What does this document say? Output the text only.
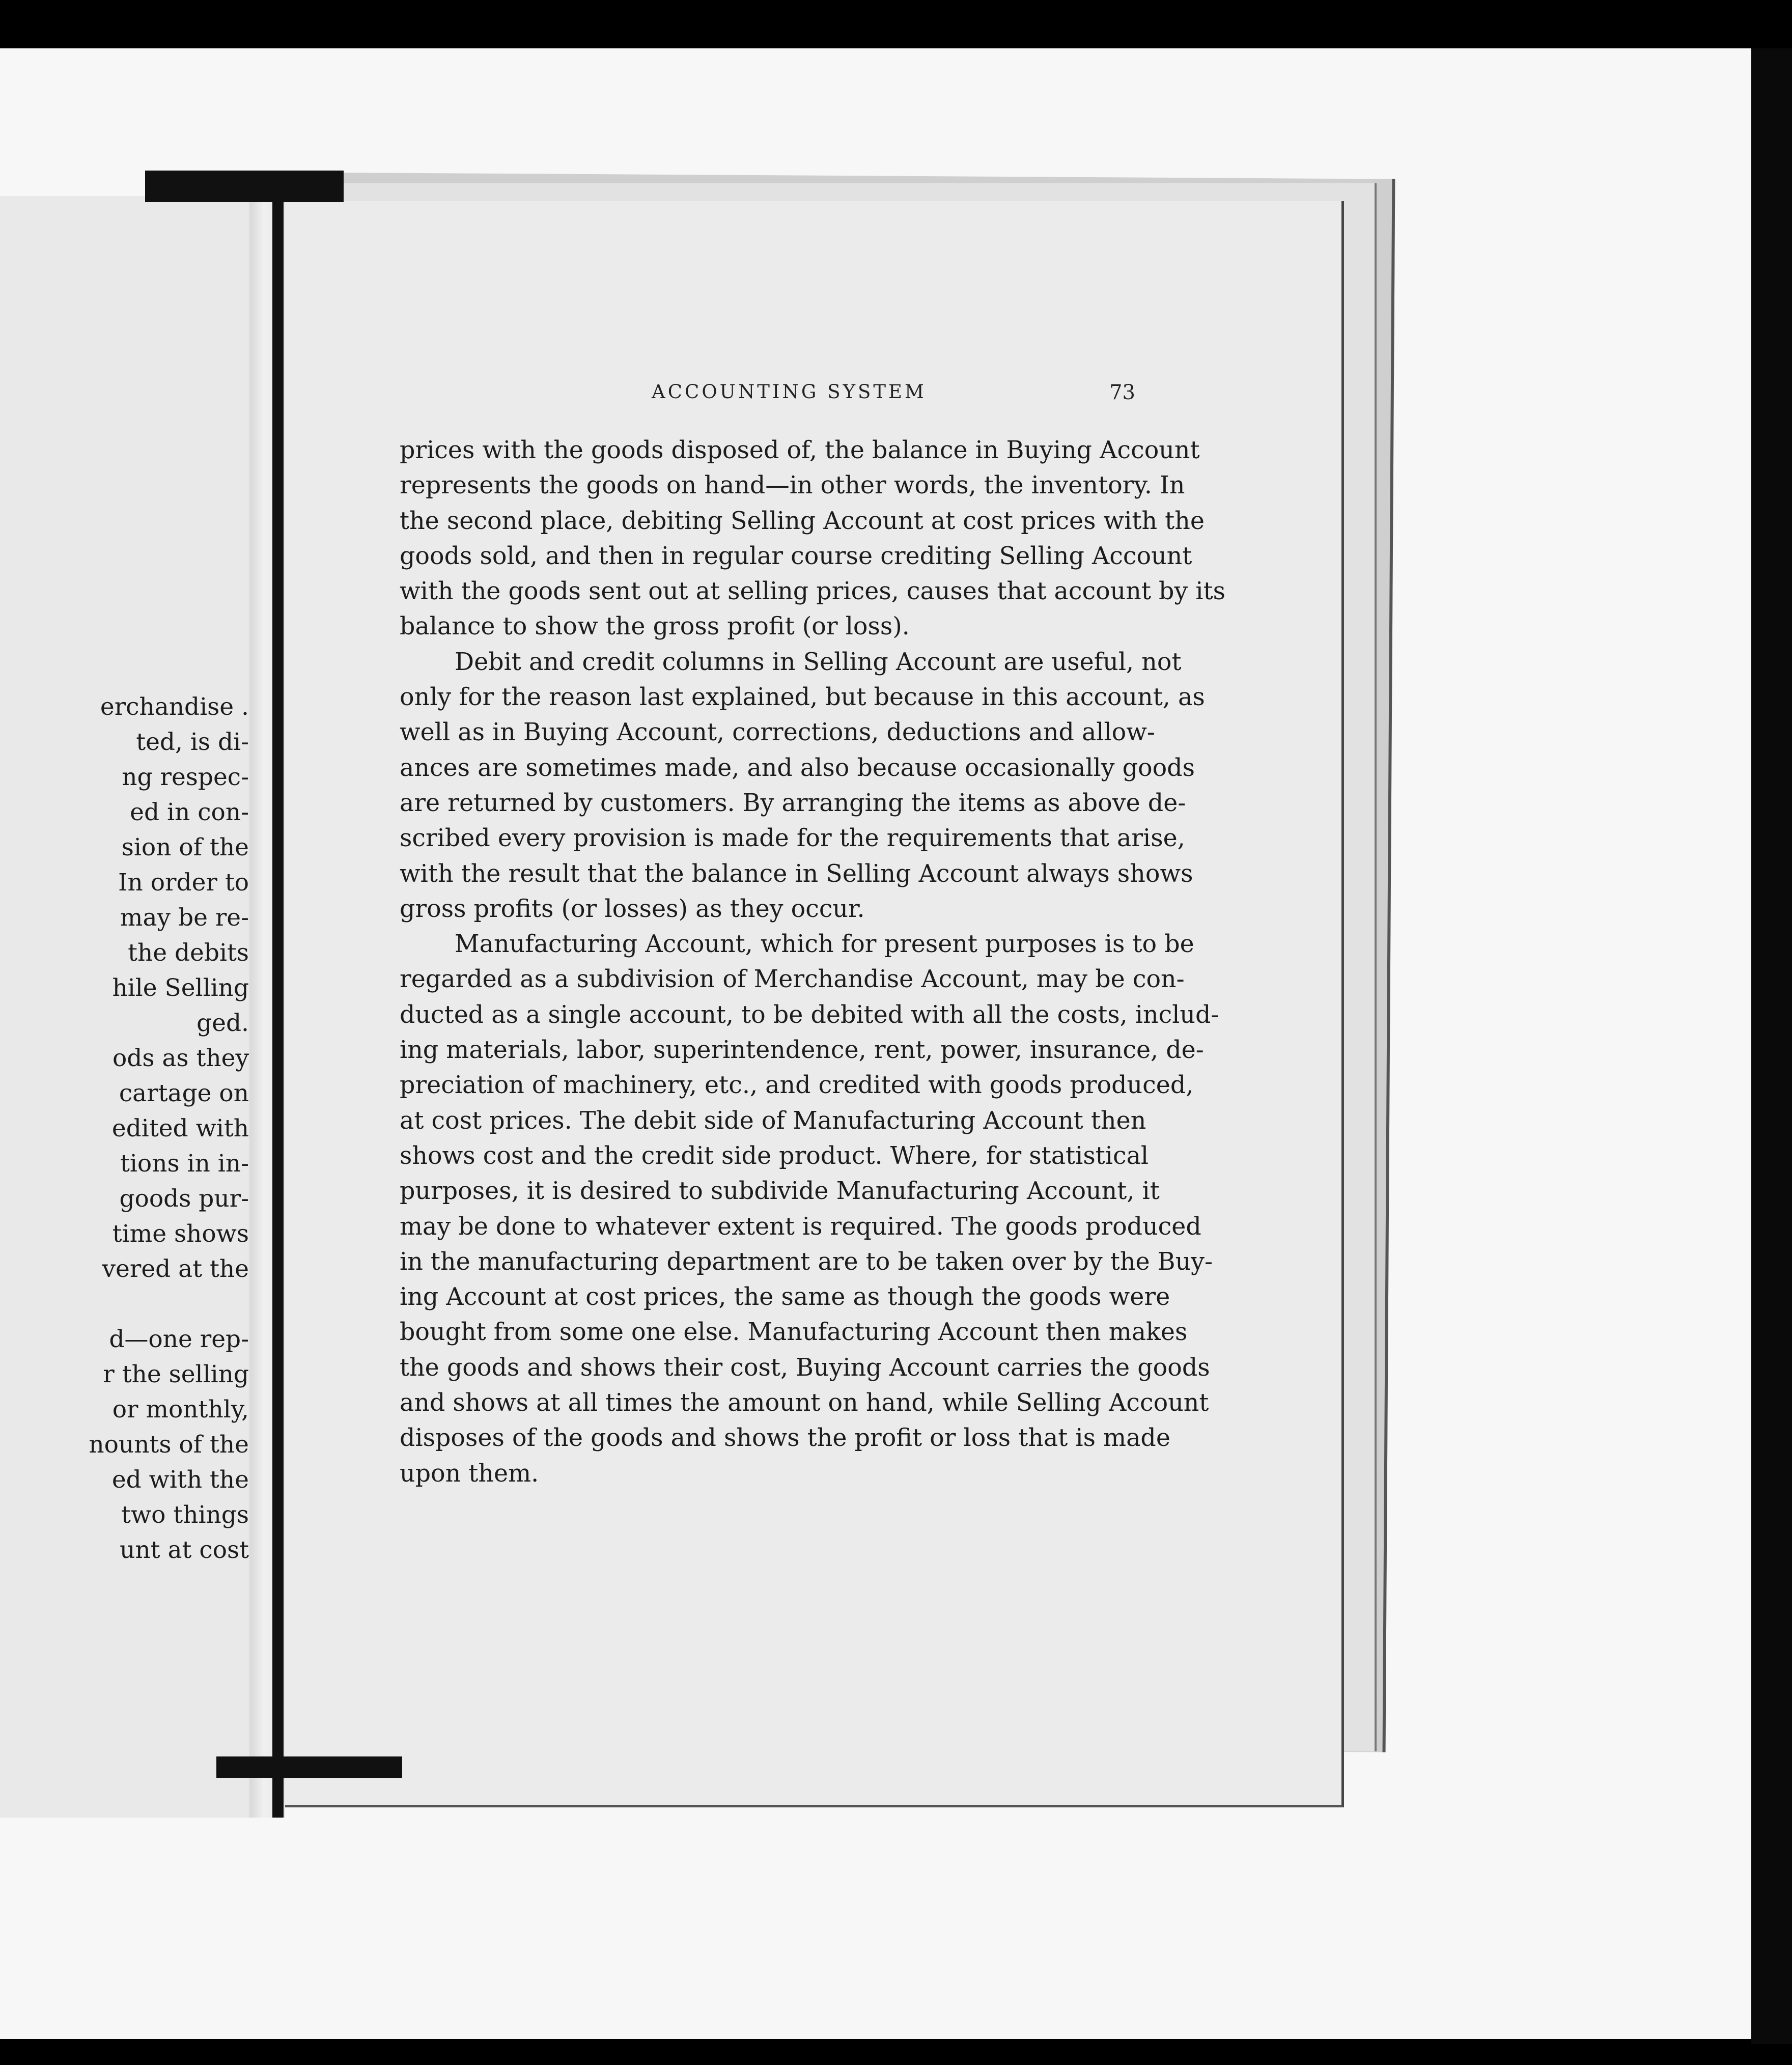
erchandise .
ted, is di-
ng respec-
ed in con-
sion of the
In order to
may be re-
the debits
hile Selling
ged.
ods as they
cartage on
edited with
tions in in-
goods pur-
time shows
vered at the
d—one rep-
r the selling
or monthly,
nounts of the
ed with the
two things
unt at cost
ACCOUNTING SYSTEM	73

prices with the goods disposed of, the balance in Buying Account
represents the goods on hand—in other words, the inventory. In
the second place, debiting Selling Account at cost prices with the
goods sold, and then in regular course crediting Selling Account
with the goods sent out at selling prices, causes that account by its
balance to show the gross profit (or loss).

Debit and credit columns in Selling Account are useful, not
only for the reason last explained, but because in this account, as
well as in Buying Account, corrections, deductions and allow-
ances are sometimes made, and also because occasionally goods
are returned by customers. By arranging the items as above de-
scribed every provision is made for the requirements that arise,
with the result that the balance in Selling Account always shows
gross profits (or losses) as they occur.

Manufacturing Account, which for present purposes is to be
regarded as a subdivision of Merchandise Account, may be con-
ducted as a single account, to be debited with all the costs, includ-
ing materials, labor, superintendence, rent, power, insurance, de-
preciation of machinery, etc., and credited with goods produced,
at cost prices. The debit side of Manufacturing Account then
shows cost and the credit side product. Where, for statistical
purposes, it is desired to subdivide Manufacturing Account, it
may be done to whatever extent is required. The goods produced
in the manufacturing department are to be taken over by the Buy-
ing Account at cost prices, the same as though the goods were
bought from some one else. Manufacturing Account then makes
the goods and shows their cost, Buying Account carries the goods
and shows at all times the amount on hand, while Selling Account
disposes of the goods and shows the profit or loss that is made
upon them.
